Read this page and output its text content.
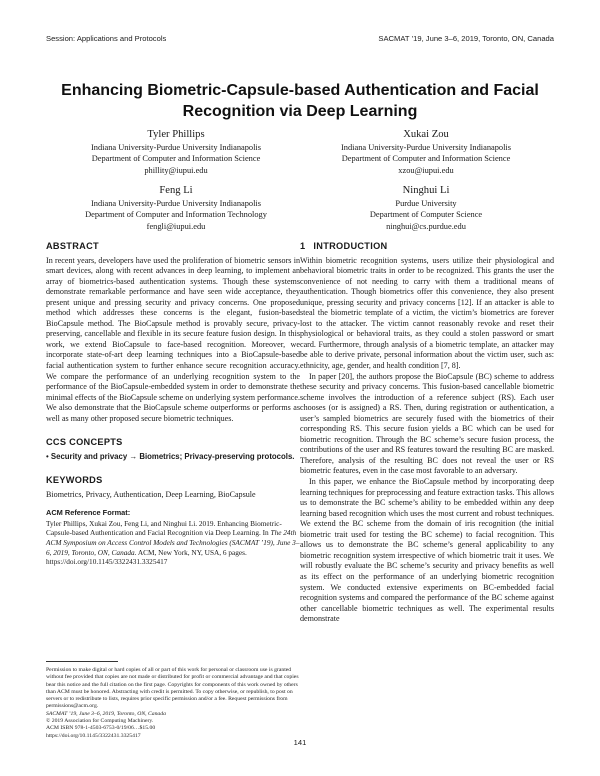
Session: Applications and Protocols	SACMAT ’19, June 3–6, 2019, Toronto, ON, Canada
Enhancing Biometric-Capsule-based Authentication and Facial
Recognition via Deep Learning
Tyler Phillips
Indiana University-Purdue University Indianapolis
Department of Computer and Information Science
phillity@iupui.edu
Xukai Zou
Indiana University-Purdue University Indianapolis
Department of Computer and Information Science
xzou@iupui.edu
Feng Li
Indiana University-Purdue University Indianapolis
Department of Computer and Information Technology
fengli@iupui.edu
Ninghui Li
Purdue University
Department of Computer Science
ninghui@cs.purdue.edu
ABSTRACT

In recent years, developers have used the proliferation of biometric sensors in smart devices, along with recent advances in deep learning, to implement an array of biometrics-based authentication systems. Though these systems demonstrate remarkable performance and have seen wide acceptance, they present unique and pressing security and privacy concerns. One proposed method which addresses these concerns is the elegant, fusion-based BioCapsule method. The BioCapsule method is provably secure, privacy-preserving, cancellable and flexible in its secure feature fusion design. In this work, we extend BioCapsule to face-based recognition. Moreover, we incorporate state-of-art deep learning techniques into a BioCapsule-based facial authentication system to further enhance secure recognition accuracy. We compare the performance of an underlying recognition system to the performance of the BioCapsule-embedded system in order to demonstrate the minimal effects of the BioCapsule scheme on underlying system performance. We also demonstrate that the BioCapsule scheme outperforms or performs as well as many other proposed secure biometric techniques.

CCS CONCEPTS

• Security and privacy → Biometrics; Privacy-preserving protocols.

KEYWORDS

Biometrics, Privacy, Authentication, Deep Learning, BioCapsule

ACM Reference Format:

Tyler Phillips, Xukai Zou, Feng Li, and Ninghui Li. 2019. Enhancing Biometric-Capsule-based Authentication and Facial Recognition via Deep Learning. In The 24th ACM Symposium on Access Control Models and Technologies (SACMAT ’19), June 3–6, 2019, Toronto, ON, Canada. ACM, New York, NY, USA, 6 pages. https://doi.org/10.1145/3322431.3325417

Permission to make digital or hard copies of all or part of this work for personal or classroom use is granted without fee provided that copies are not made or distributed for profit or commercial advantage and that copies bear this notice and the full citation on the first page. Copyrights for components of this work owned by others than ACM must be honored. Abstracting with credit is permitted. To copy otherwise, or republish, to post on servers or to redistribute to lists, requires prior specific permission and/or a fee. Request permissions from permissions@acm.org.
SACMAT ’19, June 3–6, 2019, Toronto, ON, Canada
© 2019 Association for Computing Machinery.
ACM ISBN 978-1-4503-6753-0/19/06…$15.00
https://doi.org/10.1145/3322431.3325417
1 INTRODUCTION

Within biometric recognition systems, users utilize their physiological and behavioral biometric traits in order to be recognized. This grants the user the convenience of not needing to carry with them a traditional means of authentication. Though biometrics offer this convenience, they also present unique, pressing security and privacy concerns [12]. If an attacker is able to steal the biometric template of a victim, the victim’s biometrics are forever lost to the attacker. The victim cannot reasonably revoke and reset their physiological or behavioral traits, as they could a stolen password or smart card. Furthermore, through analysis of a biometric template, an attacker may be able to derive private, personal information about the victim user, such as: ethnicity, age, gender, and health condition [7, 8].

In paper [20], the authors propose the BioCapsule (BC) scheme to address these security and privacy concerns. This fusion-based cancellable biometric scheme involves the introduction of a reference subject (RS). Each user chooses (or is assigned) a RS. Then, during registration or authentication, a user’s sampled biometrics are securely fused with the biometrics of their corresponding RS. This secure fusion yields a BC which can be used for biometric recognition. Through the BC scheme’s secure fusion process, the contributions of the user and RS features toward the resulting BC are masked. Therefore, analysis of the resulting BC does not reveal the user or RS biometric features, even in the case most favorable to an adversary.

In this paper, we enhance the BioCapsule method by incorporating deep learning techniques for preprocessing and feature extraction tasks. This allows us to demonstrate the BC scheme’s ability to be embedded within any deep learning based recognition which uses the most current and robust techniques. We extend the BC scheme from the domain of iris recognition (the initial biometric trait used for testing the BC scheme) to facial recognition. This allows us to demonstrate the BC scheme’s general applicability to any biometric recognition system irrespective of which biometric trait it uses. We will robustly evaluate the BC scheme’s security and privacy benefits as well as its effect on the performance of an underlying biometric recognition system. We conducted extensive experiments on BC-embedded facial recognition systems and compared the performance of the BC scheme against other cancellable biometric techniques as well. The experimental results demonstrate

141
